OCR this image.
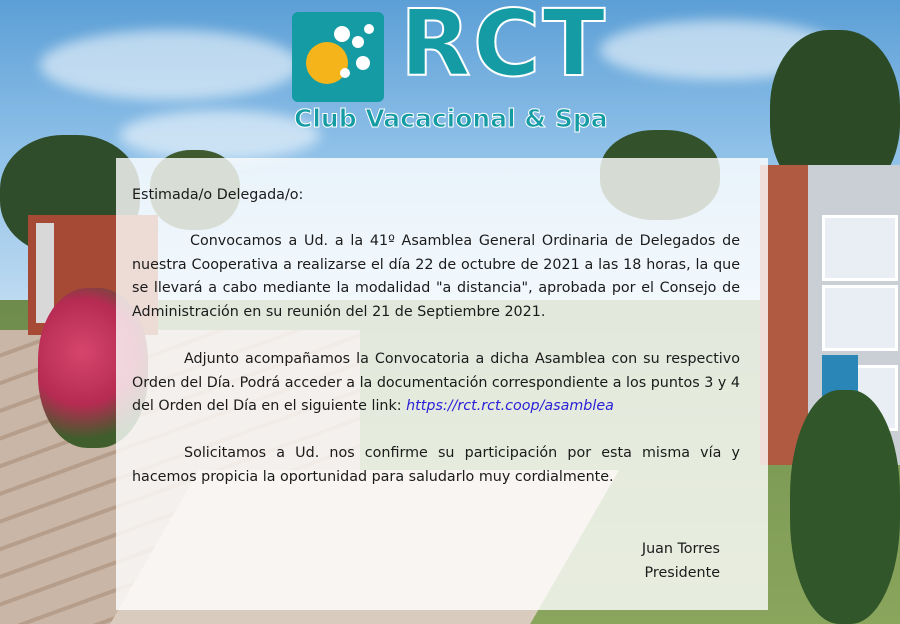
RCT
Club Vacacional & Spa
Estimada/o Delegada/o:
Convocamos a Ud. a la 41º Asamblea General Ordinaria de Delegados de nuestra Cooperativa a realizarse el día 22 de octubre de 2021 a las 18 horas, la que se llevará a cabo mediante la modalidad "a distancia", aprobada por el Consejo de Administración en su reunión del 21 de Septiembre 2021.
Adjunto acompañamos la Convocatoria a dicha Asamblea con su respectivo Orden del Día. Podrá acceder a la documentación correspondiente a los puntos 3 y 4 del Orden del Día en el siguiente link: https://rct.rct.coop/asamblea
Solicitamos a Ud. nos confirme su participación por esta misma vía y hacemos propicia la oportunidad para saludarlo muy cordialmente.
Juan Torres
Presidente
